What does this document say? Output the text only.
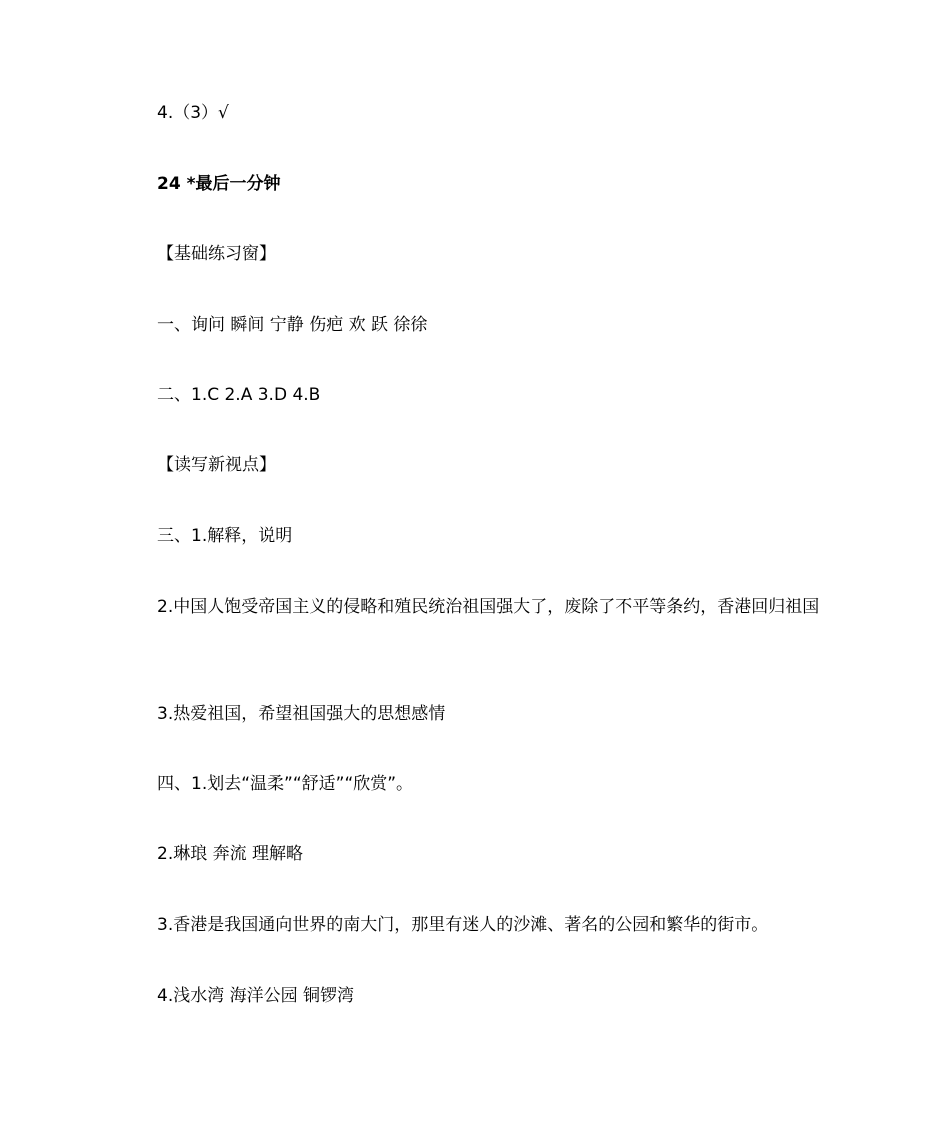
4.（3）√
24 *最后一分钟
【基础练习窗】
一、询问 瞬间 宁静 伤疤 欢 跃 徐徐
二、1.C 2.A 3.D 4.B
【读写新视点】
三、1.解释，说明
2.中国人饱受帝国主义的侵略和殖民统治祖国强大了，废除了不平等条约，香港回归祖国
3.热爱祖国，希望祖国强大的思想感情
四、1.划去“温柔”“舒适”“欣赏”。
2.琳琅 奔流 理解略
3.香港是我国通向世界的南大门，那里有迷人的沙滩、著名的公园和繁华的街市。
4.浅水湾 海洋公园 铜锣湾
